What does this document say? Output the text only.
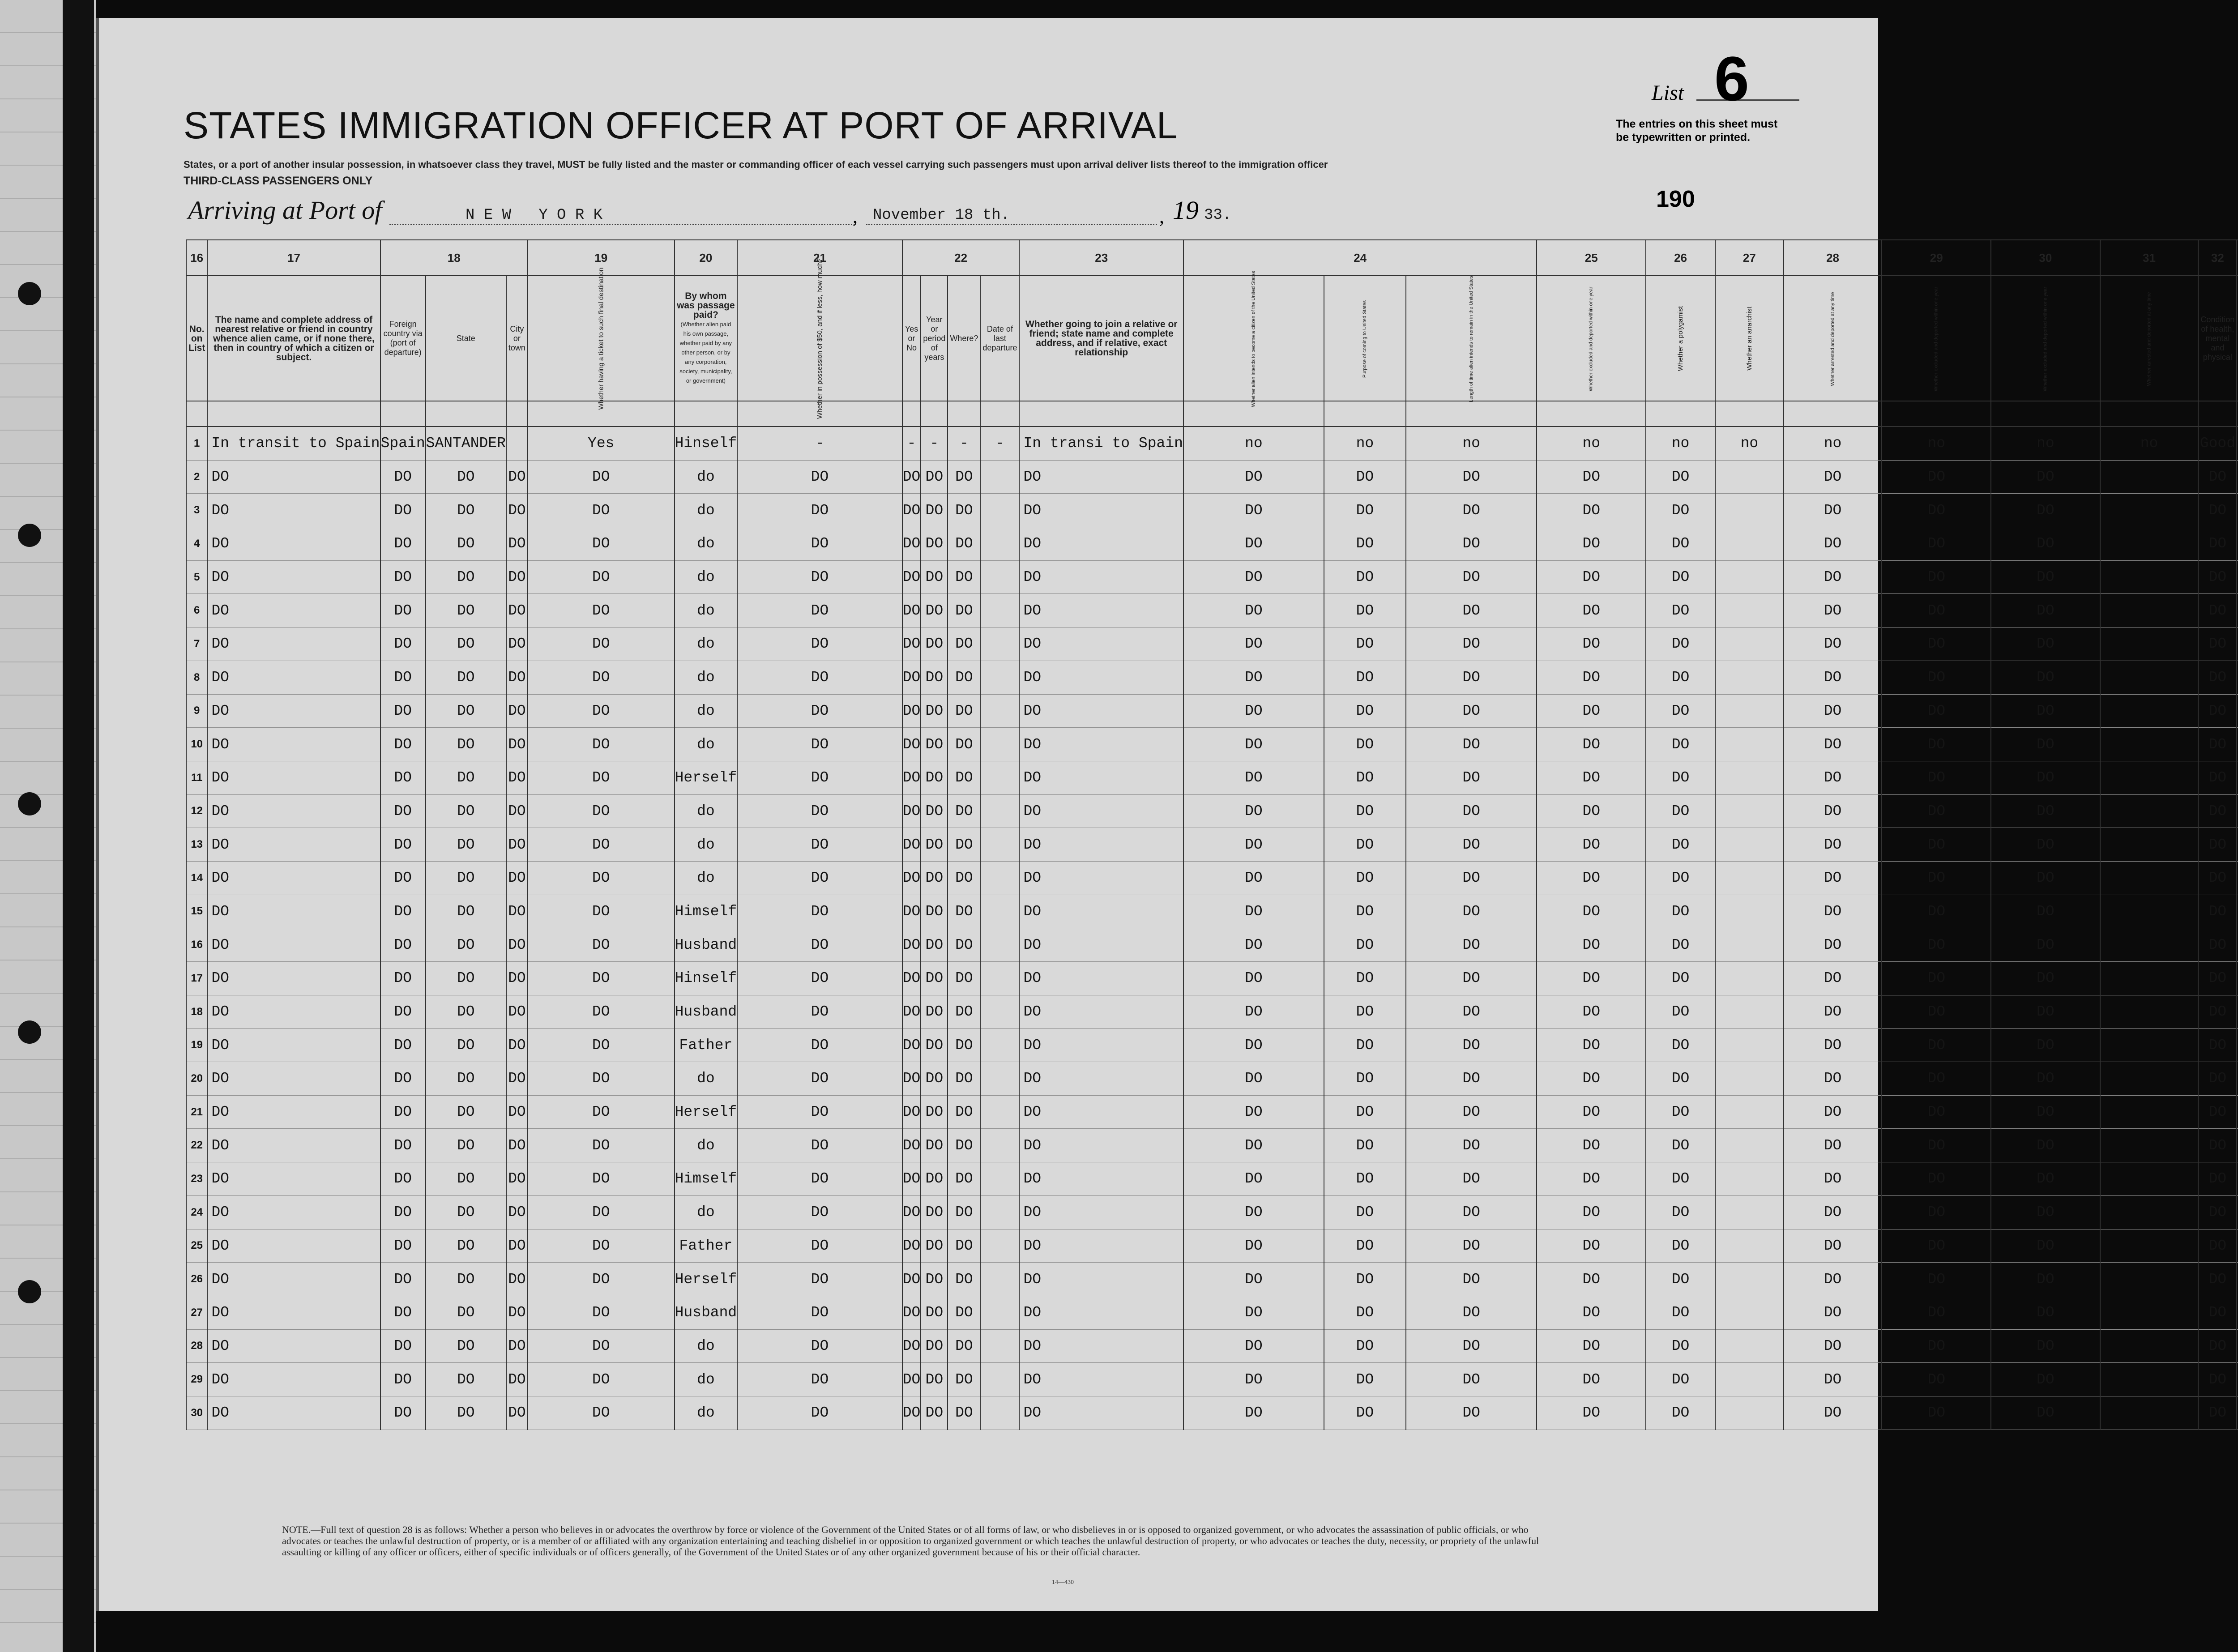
STATES IMMIGRATION OFFICER AT PORT OF ARRIVAL
States, or a port of another insular possession, in whatsoever class they travel, MUST be fully listed and the master or commanding officer of each vessel carrying such passengers must upon arrival deliver lists thereof to the immigration officer
THIRD-CLASS PASSENGERS ONLY
Arriving at Port of	N E W   Y O R K	, November 18 th.	, 19 33.
List 6
The entries on this sheet must
be typewritten or printed.
190
16	17	18			19	20	21	22				23	24			25	26	27	28	29	30	31	32					
No. on List	The name and complete address of nearest relative or friend in country whence alien came, or if none there, then in country of which a citizen or subject.	Foreign country via (port of departure)	State	City or town	Whether having a ticket to such final destination	By whom was passage paid?
(Whether alien paid his own passage, whether paid by any other person, or by any corporation, society, municipality, or government)	Whether in possession of $50, and if less, how much?	Yes or No	Year or period of years	Where?	Date of last departure	Whether going to join a relative or friend; state name and complete address, and if relative, exact relationship	Whether alien intends to become a citizen of the United States	Purpose of coming to United States	Length of time alien intends to remain in the United States	Whether excluded and deported within one year	Whether a polygamist	Whether an anarchist	Whether arrested and deported at any time	Whether excluded and deported within one year	Whether excluded and deported within one year	Whether arrested and deported at any time	Condition of health, mental and physical							

1	In transit to Spain	Spain	SANTANDER		Yes	Hinself	-	-	-	-	-	In transi to Spain	no	no	no	no	no	no	no	no	no	no	Good							
2	DO	DO	DO	DO	DO	do	DO	DO	DO	DO		DO	DO	DO	DO	DO	DO		DO	DO	DO		DO							
3	DO	DO	DO	DO	DO	do	DO	DO	DO	DO		DO	DO	DO	DO	DO	DO		DO	DO	DO		DO							
4	DO	DO	DO	DO	DO	do	DO	DO	DO	DO		DO	DO	DO	DO	DO	DO		DO	DO	DO		DO							
5	DO	DO	DO	DO	DO	do	DO	DO	DO	DO		DO	DO	DO	DO	DO	DO		DO	DO	DO		DO							
6	DO	DO	DO	DO	DO	do	DO	DO	DO	DO		DO	DO	DO	DO	DO	DO		DO	DO	DO		DO							
7	DO	DO	DO	DO	DO	do	DO	DO	DO	DO		DO	DO	DO	DO	DO	DO		DO	DO	DO		DO							
8	DO	DO	DO	DO	DO	do	DO	DO	DO	DO		DO	DO	DO	DO	DO	DO		DO	DO	DO		DO							
9	DO	DO	DO	DO	DO	do	DO	DO	DO	DO		DO	DO	DO	DO	DO	DO		DO	DO	DO		DO							
10	DO	DO	DO	DO	DO	do	DO	DO	DO	DO		DO	DO	DO	DO	DO	DO		DO	DO	DO		DO							
11	DO	DO	DO	DO	DO	Herself	DO	DO	DO	DO		DO	DO	DO	DO	DO	DO		DO	DO	DO		DO							
12	DO	DO	DO	DO	DO	do	DO	DO	DO	DO		DO	DO	DO	DO	DO	DO		DO	DO	DO		DO							
13	DO	DO	DO	DO	DO	do	DO	DO	DO	DO		DO	DO	DO	DO	DO	DO		DO	DO	DO		DO							
14	DO	DO	DO	DO	DO	do	DO	DO	DO	DO		DO	DO	DO	DO	DO	DO		DO	DO	DO		DO							
15	DO	DO	DO	DO	DO	Himself	DO	DO	DO	DO		DO	DO	DO	DO	DO	DO		DO	DO	DO		DO							
16	DO	DO	DO	DO	DO	Husband	DO	DO	DO	DO		DO	DO	DO	DO	DO	DO		DO	DO	DO		DO							
17	DO	DO	DO	DO	DO	Hinself	DO	DO	DO	DO		DO	DO	DO	DO	DO	DO		DO	DO	DO		DO							
18	DO	DO	DO	DO	DO	Husband	DO	DO	DO	DO		DO	DO	DO	DO	DO	DO		DO	DO	DO		DO							
19	DO	DO	DO	DO	DO	Father	DO	DO	DO	DO		DO	DO	DO	DO	DO	DO		DO	DO	DO		DO							
20	DO	DO	DO	DO	DO	do	DO	DO	DO	DO		DO	DO	DO	DO	DO	DO		DO	DO	DO		DO							
21	DO	DO	DO	DO	DO	Herself	DO	DO	DO	DO		DO	DO	DO	DO	DO	DO		DO	DO	DO		DO							
22	DO	DO	DO	DO	DO	do	DO	DO	DO	DO		DO	DO	DO	DO	DO	DO		DO	DO	DO		DO							
23	DO	DO	DO	DO	DO	Himself	DO	DO	DO	DO		DO	DO	DO	DO	DO	DO		DO	DO	DO		DO							
24	DO	DO	DO	DO	DO	do	DO	DO	DO	DO		DO	DO	DO	DO	DO	DO		DO	DO	DO		DO							
25	DO	DO	DO	DO	DO	Father	DO	DO	DO	DO		DO	DO	DO	DO	DO	DO		DO	DO	DO		DO							
26	DO	DO	DO	DO	DO	Herself	DO	DO	DO	DO		DO	DO	DO	DO	DO	DO		DO	DO	DO		DO							
27	DO	DO	DO	DO	DO	Husband	DO	DO	DO	DO		DO	DO	DO	DO	DO	DO		DO	DO	DO		DO							
28	DO	DO	DO	DO	DO	do	DO	DO	DO	DO		DO	DO	DO	DO	DO	DO		DO	DO	DO		DO							
29	DO	DO	DO	DO	DO	do	DO	DO	DO	DO		DO	DO	DO	DO	DO	DO		DO	DO	DO		DO							
30	DO	DO	DO	DO	DO	do	DO	DO	DO	DO		DO	DO	DO	DO	DO	DO		DO	DO	DO		DO							
NOTE.—Full text of question 28 is as follows: Whether a person who believes in or advocates the overthrow by force or violence of the Government of the United States or of all forms of law, or who disbelieves in or is opposed to organized government, or who advocates the assassination of public officials, or who advocates or teaches the unlawful destruction of property, or is a member of or affiliated with any organization entertaining and teaching disbelief in or opposition to organized government or which teaches the unlawful destruction of property, or who advocates or teaches the duty, necessity, or propriety of the unlawful assaulting or killing of any officer or officers, either of specific individuals or of officers generally, of the Government of the United States or of any other organized government because of his or their official character.
14—430
